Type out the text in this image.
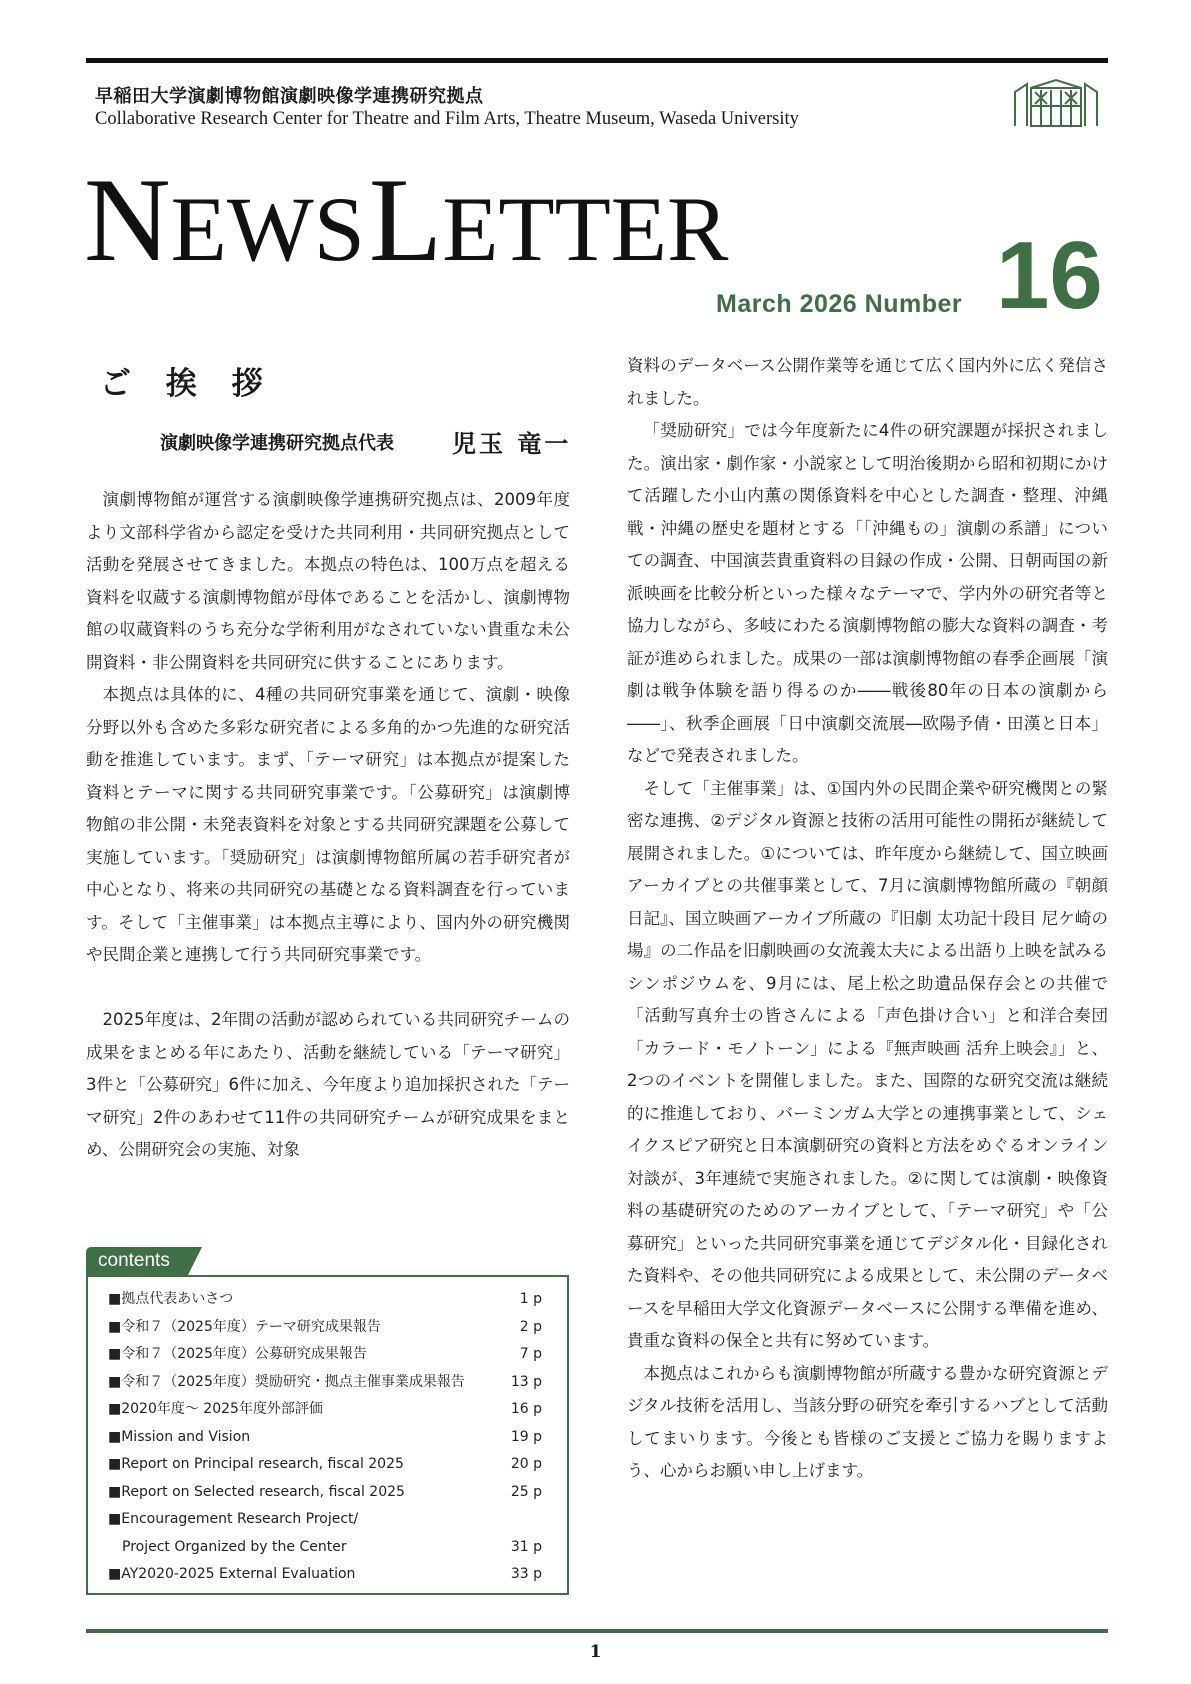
早稲田大学演劇博物館演劇映像学連携研究拠点
Collaborative Research Center for Theatre and Film Arts, Theatre Museum, Waseda University
NEWS LETTER
March 2026 Number 16
ご 挨 拶
演劇映像学連携研究拠点代表 児玉 竜一

演劇博物館が運営する演劇映像学連携研究拠点は、2009年度より文部科学省から認定を受けた共同利用・共同研究拠点として活動を発展させてきました。本拠点の特色は、100万点を超える資料を収蔵する演劇博物館が母体であることを活かし、演劇博物館の収蔵資料のうち充分な学術利用がなされていない貴重な未公開資料・非公開資料を共同研究に供することにあります。

本拠点は具体的に、4種の共同研究事業を通じて、演劇・映像分野以外も含めた多彩な研究者による多角的かつ先進的な研究活動を推進しています。まず、「テーマ研究」は本拠点が提案した資料とテーマに関する共同研究事業です。「公募研究」は演劇博物館の非公開・未発表資料を対象とする共同研究課題を公募して実施しています。「奨励研究」は演劇博物館所属の若手研究者が中心となり、将来の共同研究の基礎となる資料調査を行っています。そして「主催事業」は本拠点主導により、国内外の研究機関や民間企業と連携して行う共同研究事業です。

2025年度は、2年間の活動が認められている共同研究チームの成果をまとめる年にあたり、活動を継続している「テーマ研究」3件と「公募研究」6件に加え、今年度より追加採択された「テーマ研究」2件のあわせて11件の共同研究チームが研究成果をまとめ、公開研究会の実施、対象

資料のデータベース公開作業等を通じて広く国内外に広く発信されました。

「奨励研究」では今年度新たに4件の研究課題が採択されました。演出家・劇作家・小説家として明治後期から昭和初期にかけて活躍した小山内薫の関係資料を中心とした調査・整理、沖縄戦・沖縄の歴史を題材とする「「沖縄もの」演劇の系譜」についての調査、中国演芸貴重資料の目録の作成・公開、日朝両国の新派映画を比較分析といった様々なテーマで、学内外の研究者等と協力しながら、多岐にわたる演劇博物館の膨大な資料の調査・考証が進められました。成果の一部は演劇博物館の春季企画展「演劇は戦争体験を語り得るのか――戦後80年の日本の演劇から――」、秋季企画展「日中演劇交流展―欧陽予倩・田漢と日本」などで発表されました。

そして「主催事業」は、①国内外の民間企業や研究機関との緊密な連携、②デジタル資源と技術の活用可能性の開拓が継続して展開されました。①については、昨年度から継続して、国立映画アーカイブとの共催事業として、7月に演劇博物館所蔵の『朝顔日記』、国立映画アーカイブ所蔵の『旧劇 太功記十段目 尼ケ崎の場』の二作品を旧劇映画の女流義太夫による出語り上映を試みるシンポジウムを、9月には、尾上松之助遺品保存会との共催で「活動写真弁士の皆さんによる「声色掛け合い」と和洋合奏団「カラード・モノトーン」による『無声映画 活弁上映会』」と、2つのイベントを開催しました。また、国際的な研究交流は継続的に推進しており、バーミンガム大学との連携事業として、シェイクスピア研究と日本演劇研究の資料と方法をめぐるオンライン対談が、3年連続で実施されました。②に関しては演劇・映像資料の基礎研究のためのアーカイブとして、「テーマ研究」や「公募研究」といった共同研究事業を通じてデジタル化・目録化された資料や、その他共同研究による成果として、未公開のデータベースを早稲田大学文化資源データベースに公開する準備を進め、貴重な資料の保全と共有に努めています。

本拠点はこれからも演劇博物館が所蔵する豊かな研究資源とデジタル技術を活用し、当該分野の研究を牽引するハブとして活動してまいります。今後とも皆様のご支援とご協力を賜りますよう、心からお願い申し上げます。

contents
■拠点代表あいさつ	1 p
■令和７（2025年度）テーマ研究成果報告	2 p
■令和７（2025年度）公募研究成果報告	7 p
■令和７（2025年度）奨励研究・拠点主催事業成果報告	13 p
■2020年度～ 2025年度外部評価	16 p
■Mission and Vision	19 p
■Report on Principal research, fiscal 2025	20 p
■Report on Selected research, fiscal 2025	25 p
■Encouragement Research Project/
Project Organized by the Center	31 p
■AY2020-2025 External Evaluation	33 p
1
